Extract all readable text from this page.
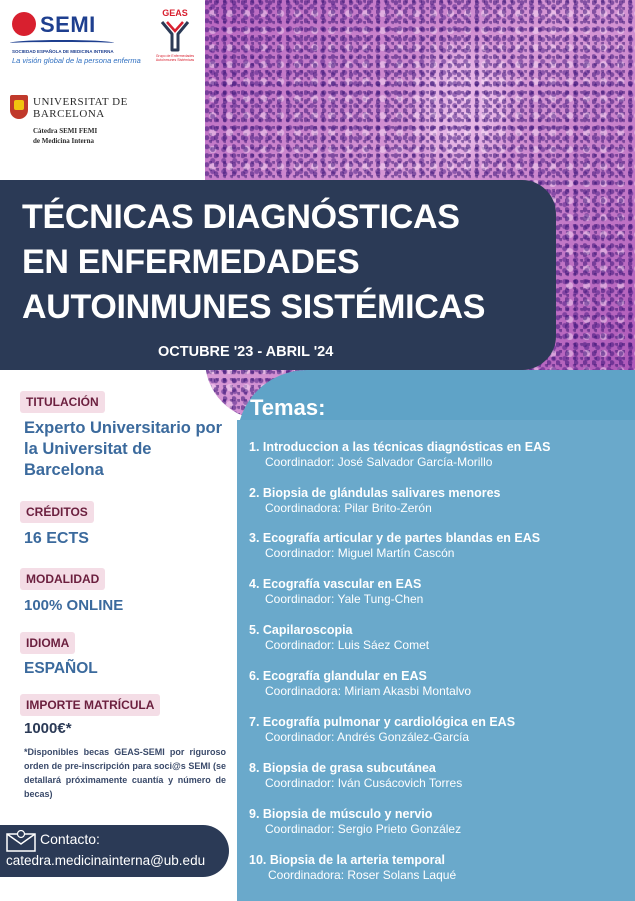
SEMI
SOCIEDAD ESPAÑOLA DE MEDICINA INTERNA
La visión global de la persona enferma
GEAS
Grupo de Enfermedades Autoinmunes Sistémicas
UNIVERSITAT DE
BARCELONA
Càtedra SEMI FEMI
de Medicina Interna
TÉCNICAS DIAGNÓSTICAS
EN ENFERMEDADES
AUTOINMUNES SISTÉMICAS
OCTUBRE '23 - ABRIL '24
TITULACIÓN
Experto Universitario por la Universitat de Barcelona
CRÉDITOS
16 ECTS
MODALIDAD
100% ONLINE
IDIOMA
ESPAÑOL
IMPORTE MATRÍCULA
1000€*
*Disponibles becas GEAS-SEMI por riguroso orden de pre-inscripción para soci@s SEMI (se detallará próximamente cuantía y número de becas)
Contacto:
catedra.medicinainterna@ub.edu
Temas:
1. Introduccion a las técnicas diagnósticas en EAS
Coordinador: José Salvador García-Morillo
2. Biopsia de glándulas salivares menores
Coordinadora: Pilar Brito-Zerón
3. Ecografía articular y de partes blandas en EAS
Coordinador: Miguel Martín Cascón
4. Ecografía vascular en EAS
Coordinador: Yale Tung-Chen
5. Capilaroscopia
Coordinador: Luis Sáez Comet
6. Ecografía glandular en EAS
Coordinadora: Miriam Akasbi Montalvo
7. Ecografía pulmonar y cardiológica en EAS
Coordinador: Andrés González-García
8. Biopsia de grasa subcutánea
Coordinador: Iván Cusácovich Torres
9. Biopsia de músculo y nervio
Coordinador: Sergio Prieto González
10. Biopsia de la arteria temporal
Coordinadora: Roser Solans Laqué
